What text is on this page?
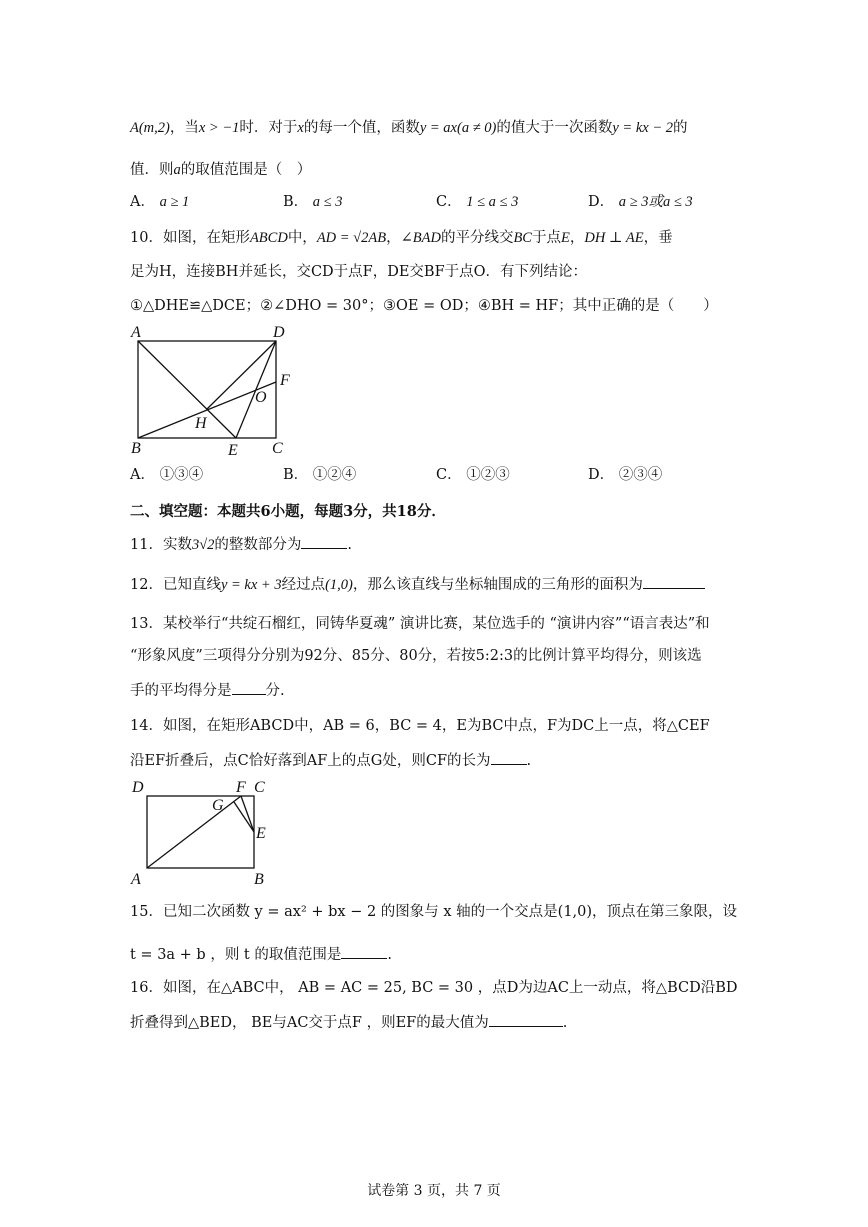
A(m,2)，当x > −1时．对于x的每一个值，函数y = ax(a ≠ 0)的值大于一次函数y = kx − 2的
值．则a的取值范围是（　）
A． a ≥ 1	B． a ≤ 3	C． 1 ≤ a ≤ 3	D． a ≥ 3或a ≤ 3
10．如图，在矩形ABCD中，AD = √2AB，∠BAD的平分线交BC于点E，DH ⊥ AE，垂
足为H，连接BH并延长，交CD于点F，DE交BF于点O．有下列结论：
①△DHE≌△DCE；②∠DHO = 30°；③OE = OD；④BH = HF；其中正确的是（　　）
A	D
F
O
H
B	E C
A． ①③④	B． ①②④	C． ①②③	D． ②③④
二、填空题：本题共6小题，每题3分，共18分．
11．实数3√2的整数部分为	.
12．已知直线y = kx + 3经过点(1,0)，那么该直线与坐标轴围成的三角形的面积为
13．某校举行“共绽石榴红，同铸华夏魂” 演讲比赛，某位选手的 “演讲内容”“语言表达”和
“形象风度”三项得分分别为92分、85分、80分，若按5:2:3的比例计算平均得分，则该选
手的平均得分是 分.
14．如图，在矩形ABCD中，AB = 6，BC = 4，E为BC中点，F为DC上一点，将△CEF
沿EF折叠后，点C恰好落到AF上的点G处，则CF的长为 .
D	F C
G
E
A	B
15．已知二次函数 y = ax² + bx − 2 的图象与 x 轴的一个交点是(1,0)，顶点在第三象限，设
t = 3a + b ，则 t 的取值范围是	.
16．如图，在△ABC中， AB = AC = 25, BC = 30 ，点D为边AC上一动点，将△BCD沿BD
折叠得到△BED， BE与AC交于点F ，则EF的最大值为	.
试卷第 3 页，共 7 页
